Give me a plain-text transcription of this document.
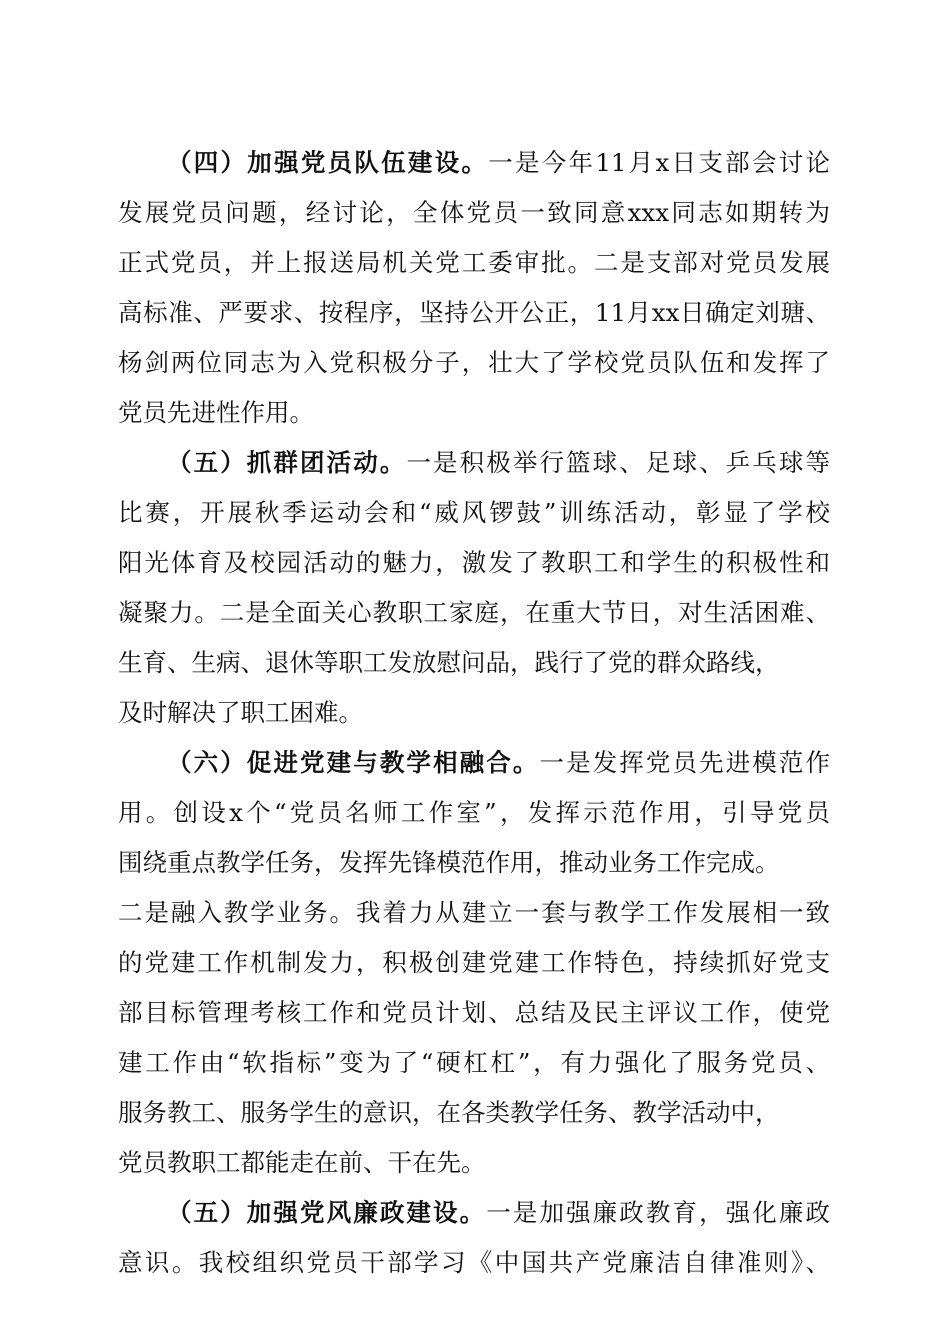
（四）加强党员队伍建设。一是今年11月x日支部会讨论
发展党员问题，经讨论，全体党员一致同意xxx同志如期转为
正式党员，并上报送局机关党工委审批。二是支部对党员发展
高标准、严要求、按程序，坚持公开公正，11月xx日确定刘瑭、
杨剑两位同志为入党积极分子，壮大了学校党员队伍和发挥了
党员先进性作用。
（五）抓群团活动。一是积极举行篮球、足球、乒乓球等
比赛，开展秋季运动会和“威风锣鼓”训练活动，彰显了学校
阳光体育及校园活动的魅力，激发了教职工和学生的积极性和
凝聚力。二是全面关心教职工家庭，在重大节日，对生活困难、
生育、生病、退休等职工发放慰问品，践行了党的群众路线，
及时解决了职工困难。
（六）促进党建与教学相融合。一是发挥党员先进模范作
用。创设x个“党员名师工作室”，发挥示范作用，引导党员
围绕重点教学任务，发挥先锋模范作用，推动业务工作完成。
二是融入教学业务。我着力从建立一套与教学工作发展相一致
的党建工作机制发力，积极创建党建工作特色，持续抓好党支
部目标管理考核工作和党员计划、总结及民主评议工作，使党
建工作由“软指标”变为了“硬杠杠”，有力强化了服务党员、
服务教工、服务学生的意识，在各类教学任务、教学活动中，
党员教职工都能走在前、干在先。
（五）加强党风廉政建设。一是加强廉政教育，强化廉政
意识。我校组织党员干部学习《中国共产党廉洁自律准则》、
